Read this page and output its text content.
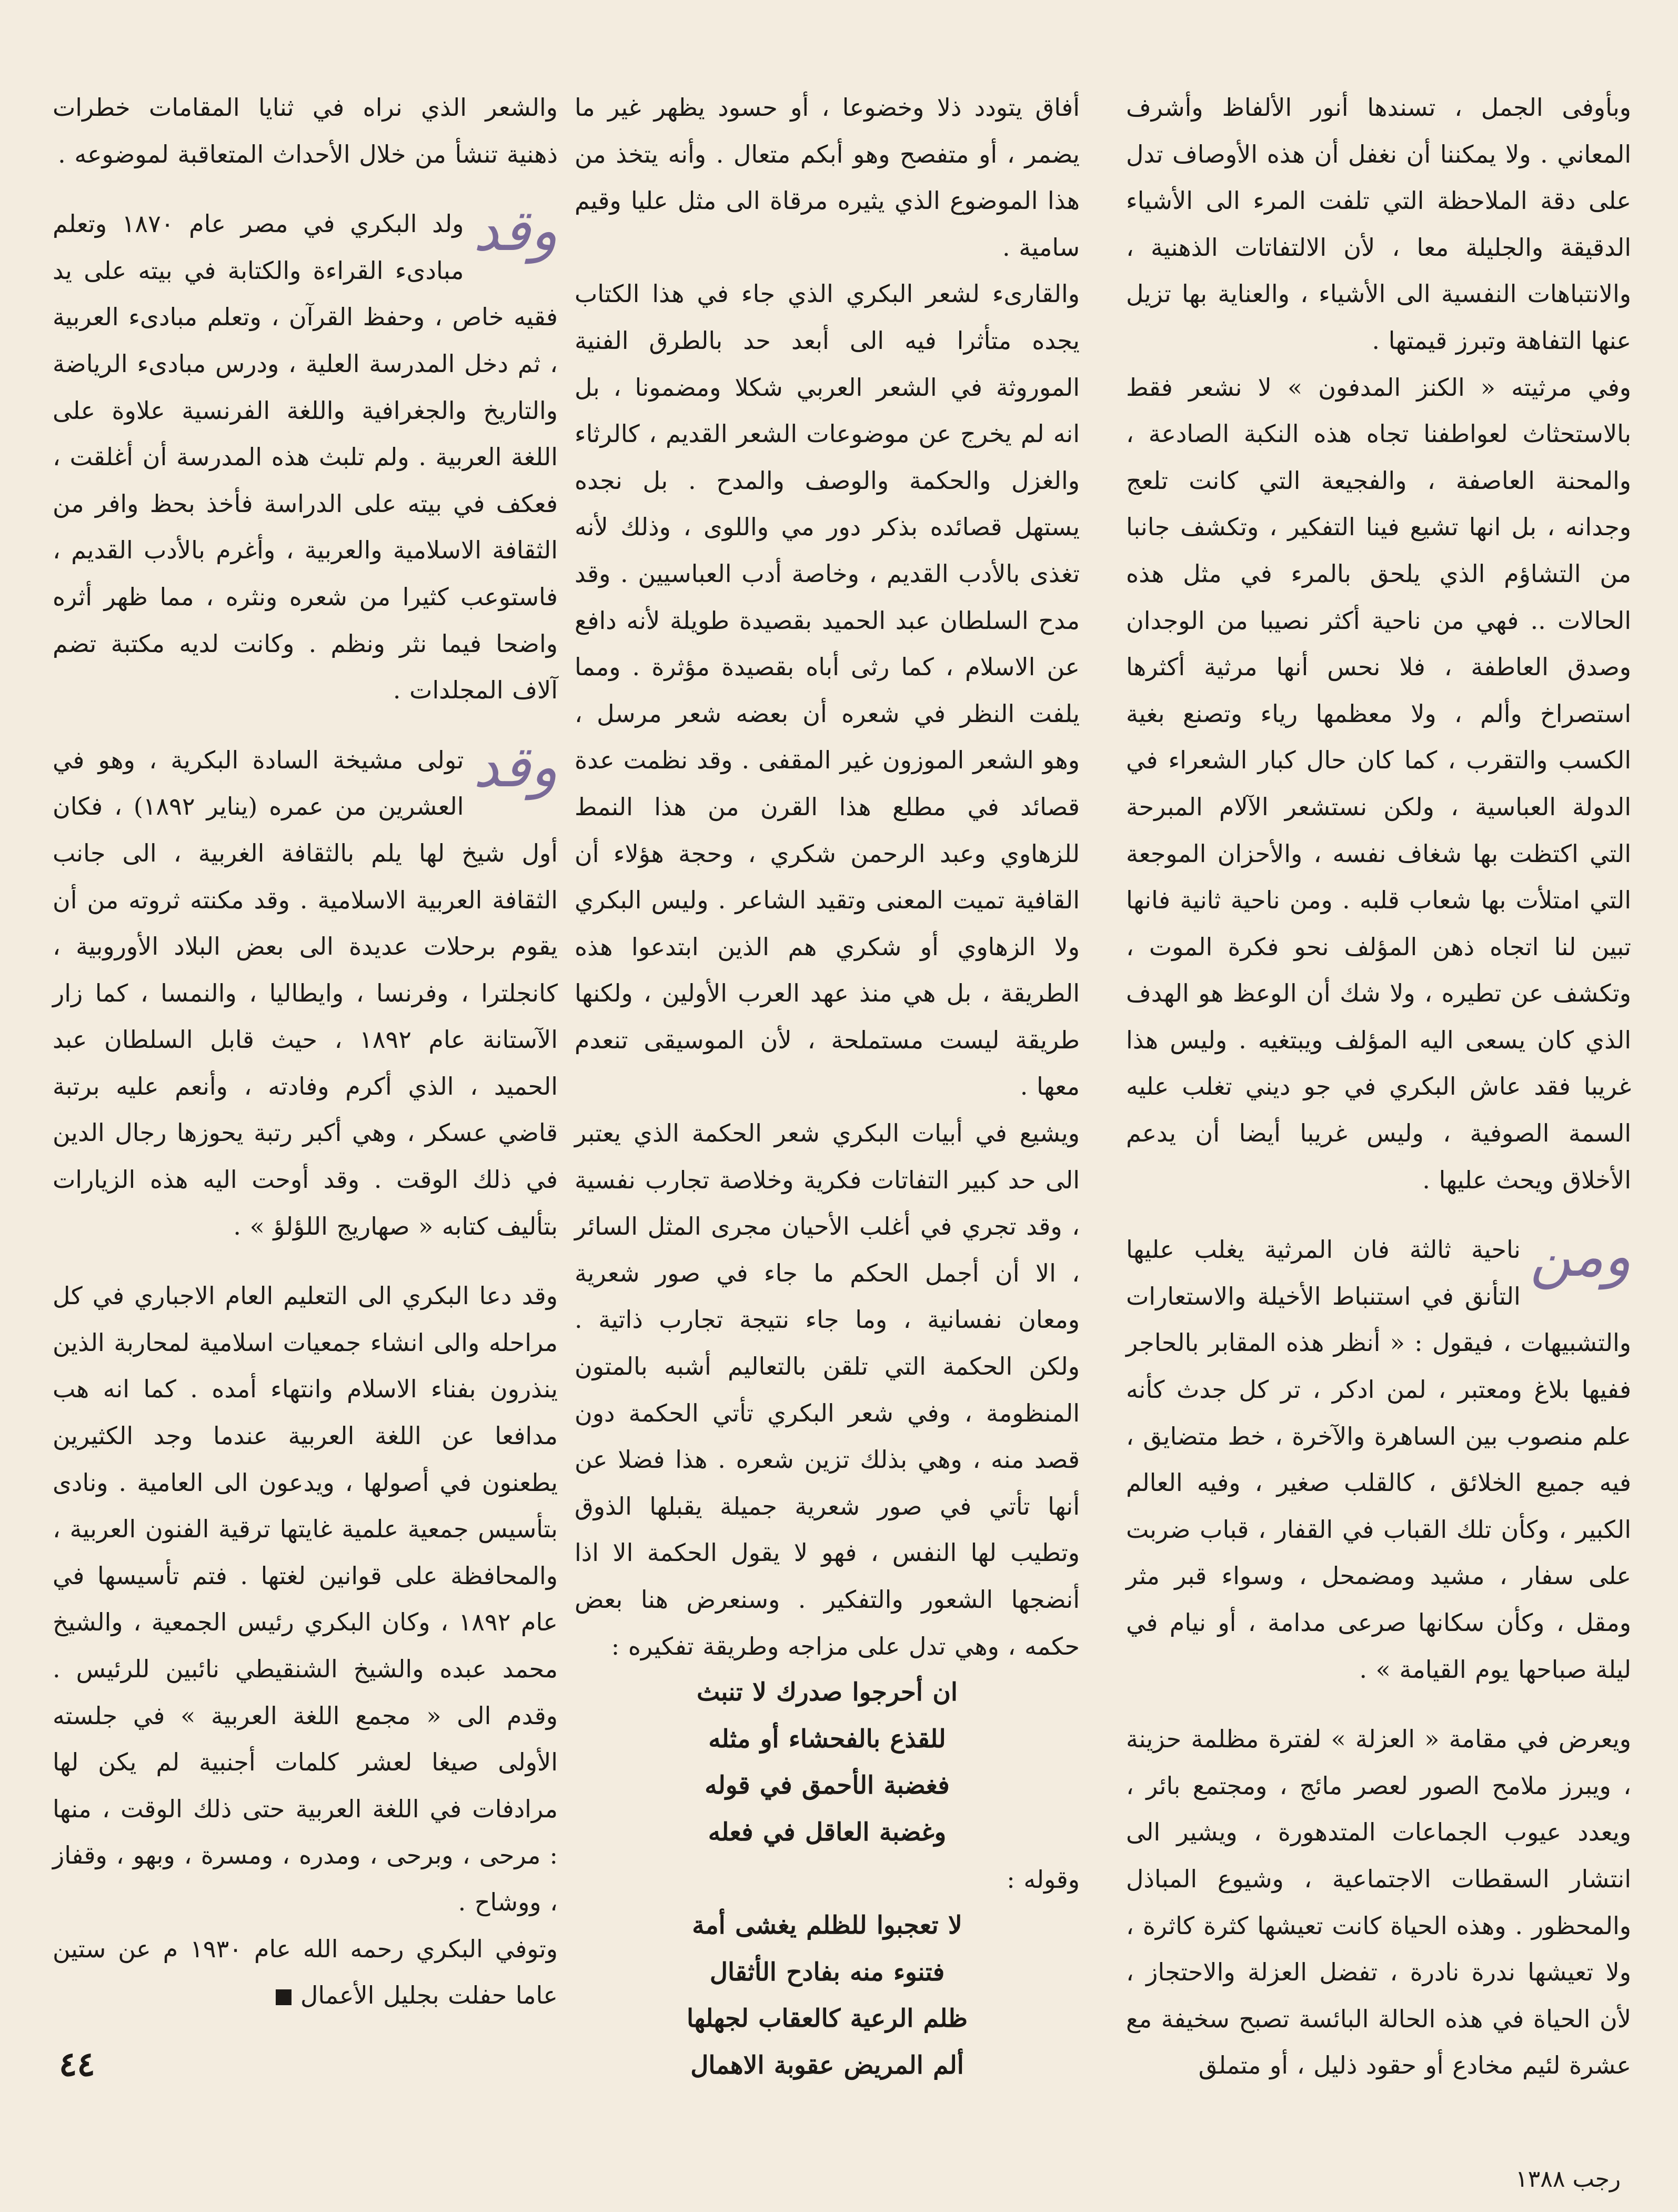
وبأوفى الجمل ، تسندها أنور الألفاظ وأشرف المعاني . ولا يمكننا أن نغفل أن هذه الأوصاف تدل على دقة الملاحظة التي تلفت المرء الى الأشياء الدقيقة والجليلة معا ، لأن الالتفاتات الذهنية ، والانتباهات النفسية الى الأشياء ، والعناية بها تزيل عنها التفاهة وتبرز قيمتها .

وفي مرثيته « الكنز المدفون » لا نشعر فقط بالاستحثاث لعواطفنا تجاه هذه النكبة الصادعة ، والمحنة العاصفة ، والفجيعة التي كانت تلعج وجدانه ، بل انها تشيع فينا التفكير ، وتكشف جانبا من التشاؤم الذي يلحق بالمرء في مثل هذه الحالات .. فهي من ناحية أكثر نصيبا من الوجدان وصدق العاطفة ، فلا نحس أنها مرثية أكثرها استصراخ وألم ، ولا معظمها رياء وتصنع بغية الكسب والتقرب ، كما كان حال كبار الشعراء في الدولة العباسية ، ولكن نستشعر الآلام المبرحة التي اكتظت بها شغاف نفسه ، والأحزان الموجعة التي امتلأت بها شعاب قلبه . ومن ناحية ثانية فانها تبين لنا اتجاه ذهن المؤلف نحو فكرة الموت ، وتكشف عن تطيره ، ولا شك أن الوعظ هو الهدف الذي كان يسعى اليه المؤلف ويبتغيه . وليس هذا غريبا فقد عاش البكري في جو ديني تغلب عليه السمة الصوفية ، وليس غريبا أيضا أن يدعم الأخلاق ويحث عليها .

ومن
ناحية ثالثة فان المرثية يغلب عليها التأنق في استنباط الأخيلة والاستعارات والتشبيهات ، فيقول : « أنظر هذه المقابر بالحاجر ففيها بلاغ ومعتبر ، لمن ادكر ، تر كل جدث كأنه علم منصوب بين الساهرة والآخرة ، خط متضايق ، فيه جميع الخلائق ، كالقلب صغير ، وفيه العالم الكبير ، وكأن تلك القباب في القفار ، قباب ضربت على سفار ، مشيد ومضمحل ، وسواء قبر مثر ومقل ، وكأن سكانها صرعى مدامة ، أو نيام في ليلة صباحها يوم القيامة » .

ويعرض في مقامة « العزلة » لفترة مظلمة حزينة ، ويبرز ملامح الصور لعصر مائج ، ومجتمع بائر ، ويعدد عيوب الجماعات المتدهورة ، ويشير الى انتشار السقطات الاجتماعية ، وشيوع المباذل والمحظور . وهذه الحياة كانت تعيشها كثرة كاثرة ، ولا تعيشها ندرة نادرة ، تفضل العزلة والاحتجاز ، لأن الحياة في هذه الحالة البائسة تصبح سخيفة مع عشرة لئيم مخادع أو حقود ذليل ، أو متملق

أفاق يتودد ذلا وخضوعا ، أو حسود يظهر غير ما يضمر ، أو متفصح وهو أبكم متعال . وأنه يتخذ من هذا الموضوع الذي يثيره مرقاة الى مثل عليا وقيم سامية .

والقارىء لشعر البكري الذي جاء في هذا الكتاب يجده متأثرا فيه الى أبعد حد بالطرق الفنية الموروثة في الشعر العربي شكلا ومضمونا ، بل انه لم يخرج عن موضوعات الشعر القديم ، كالرثاء والغزل والحكمة والوصف والمدح . بل نجده يستهل قصائده بذكر دور مي واللوى ، وذلك لأنه تغذى بالأدب القديم ، وخاصة أدب العباسيين . وقد مدح السلطان عبد الحميد بقصيدة طويلة لأنه دافع عن الاسلام ، كما رثى أباه بقصيدة مؤثرة . ومما يلفت النظر في شعره أن بعضه شعر مرسل ، وهو الشعر الموزون غير المقفى . وقد نظمت عدة قصائد في مطلع هذا القرن من هذا النمط للزهاوي وعبد الرحمن شكري ، وحجة هؤلاء أن القافية تميت المعنى وتقيد الشاعر . وليس البكري ولا الزهاوي أو شكري هم الذين ابتدعوا هذه الطريقة ، بل هي منذ عهد العرب الأولين ، ولكنها طريقة ليست مستملحة ، لأن الموسيقى تنعدم معها .

ويشيع في أبيات البكري شعر الحكمة الذي يعتبر الى حد كبير التفاتات فكرية وخلاصة تجارب نفسية ، وقد تجري في أغلب الأحيان مجرى المثل السائر ، الا أن أجمل الحكم ما جاء في صور شعرية ومعان نفسانية ، وما جاء نتيجة تجارب ذاتية . ولكن الحكمة التي تلقن بالتعاليم أشبه بالمتون المنظومة ، وفي شعر البكري تأتي الحكمة دون قصد منه ، وهي بذلك تزين شعره . هذا فضلا عن أنها تأتي في صور شعرية جميلة يقبلها الذوق وتطيب لها النفس ، فهو لا يقول الحكمة الا اذا أنضجها الشعور والتفكير . وسنعرض هنا بعض حكمه ، وهي تدل على مزاجه وطريقة تفكيره :

ان أحرجوا صدرك لا تنبث
للقذع بالفحشاء أو مثله
فغضبة الأحمق في قوله
وغضبة العاقل في فعله

وقوله :

لا تعجبوا للظلم يغشى أمة
فتنوء منه بفادح الأثقال
ظلم الرعية كالعقاب لجهلها
ألم المريض عقوبة الاهمال

والشعر الذي نراه في ثنايا المقامات خطرات ذهنية تنشأ من خلال الأحداث المتعاقبة لموضوعه .

وقد
ولد البكري في مصر عام ١٨٧٠ وتعلم مبادىء القراءة والكتابة في بيته على يد فقيه خاص ، وحفظ القرآن ، وتعلم مبادىء العربية ، ثم دخل المدرسة العلية ، ودرس مبادىء الرياضة والتاريخ والجغرافية واللغة الفرنسية علاوة على اللغة العربية . ولم تلبث هذه المدرسة أن أغلقت ، فعكف في بيته على الدراسة فأخذ بحظ وافر من الثقافة الاسلامية والعربية ، وأغرم بالأدب القديم ، فاستوعب كثيرا من شعره ونثره ، مما ظهر أثره واضحا فيما نثر ونظم . وكانت لديه مكتبة تضم آلاف المجلدات .

وقد
تولى مشيخة السادة البكرية ، وهو في العشرين من عمره (يناير ١٨٩٢) ، فكان أول شيخ لها يلم بالثقافة الغربية ، الى جانب الثقافة العربية الاسلامية . وقد مكنته ثروته من أن يقوم برحلات عديدة الى بعض البلاد الأوروبية ، كانجلترا ، وفرنسا ، وايطاليا ، والنمسا ، كما زار الآستانة عام ١٨٩٢ ، حيث قابل السلطان عبد الحميد ، الذي أكرم وفادته ، وأنعم عليه برتبة قاضي عسكر ، وهي أكبر رتبة يحوزها رجال الدين في ذلك الوقت . وقد أوحت اليه هذه الزيارات بتأليف كتابه « صهاريج اللؤلؤ » .

وقد دعا البكري الى التعليم العام الاجباري في كل مراحله والى انشاء جمعيات اسلامية لمحاربة الذين ينذرون بفناء الاسلام وانتهاء أمده . كما انه هب مدافعا عن اللغة العربية عندما وجد الكثيرين يطعنون في أصولها ، ويدعون الى العامية . ونادى بتأسيس جمعية علمية غايتها ترقية الفنون العربية ، والمحافظة على قوانين لغتها . فتم تأسيسها في عام ١٨٩٢ ، وكان البكري رئيس الجمعية ، والشيخ محمد عبده والشيخ الشنقيطي نائبين للرئيس . وقدم الى « مجمع اللغة العربية » في جلسته الأولى صيغا لعشر كلمات أجنبية لم يكن لها مرادفات في اللغة العربية حتى ذلك الوقت ، منها : مرحى ، وبرحى ، ومدره ، ومسرة ، وبهو ، وقفاز ، ووشاح .

وتوفي البكري رحمه الله عام ١٩٣٠ م عن ستين عاما حفلت بجليل الأعمال

٤٤
رجب ١٣٨٨
